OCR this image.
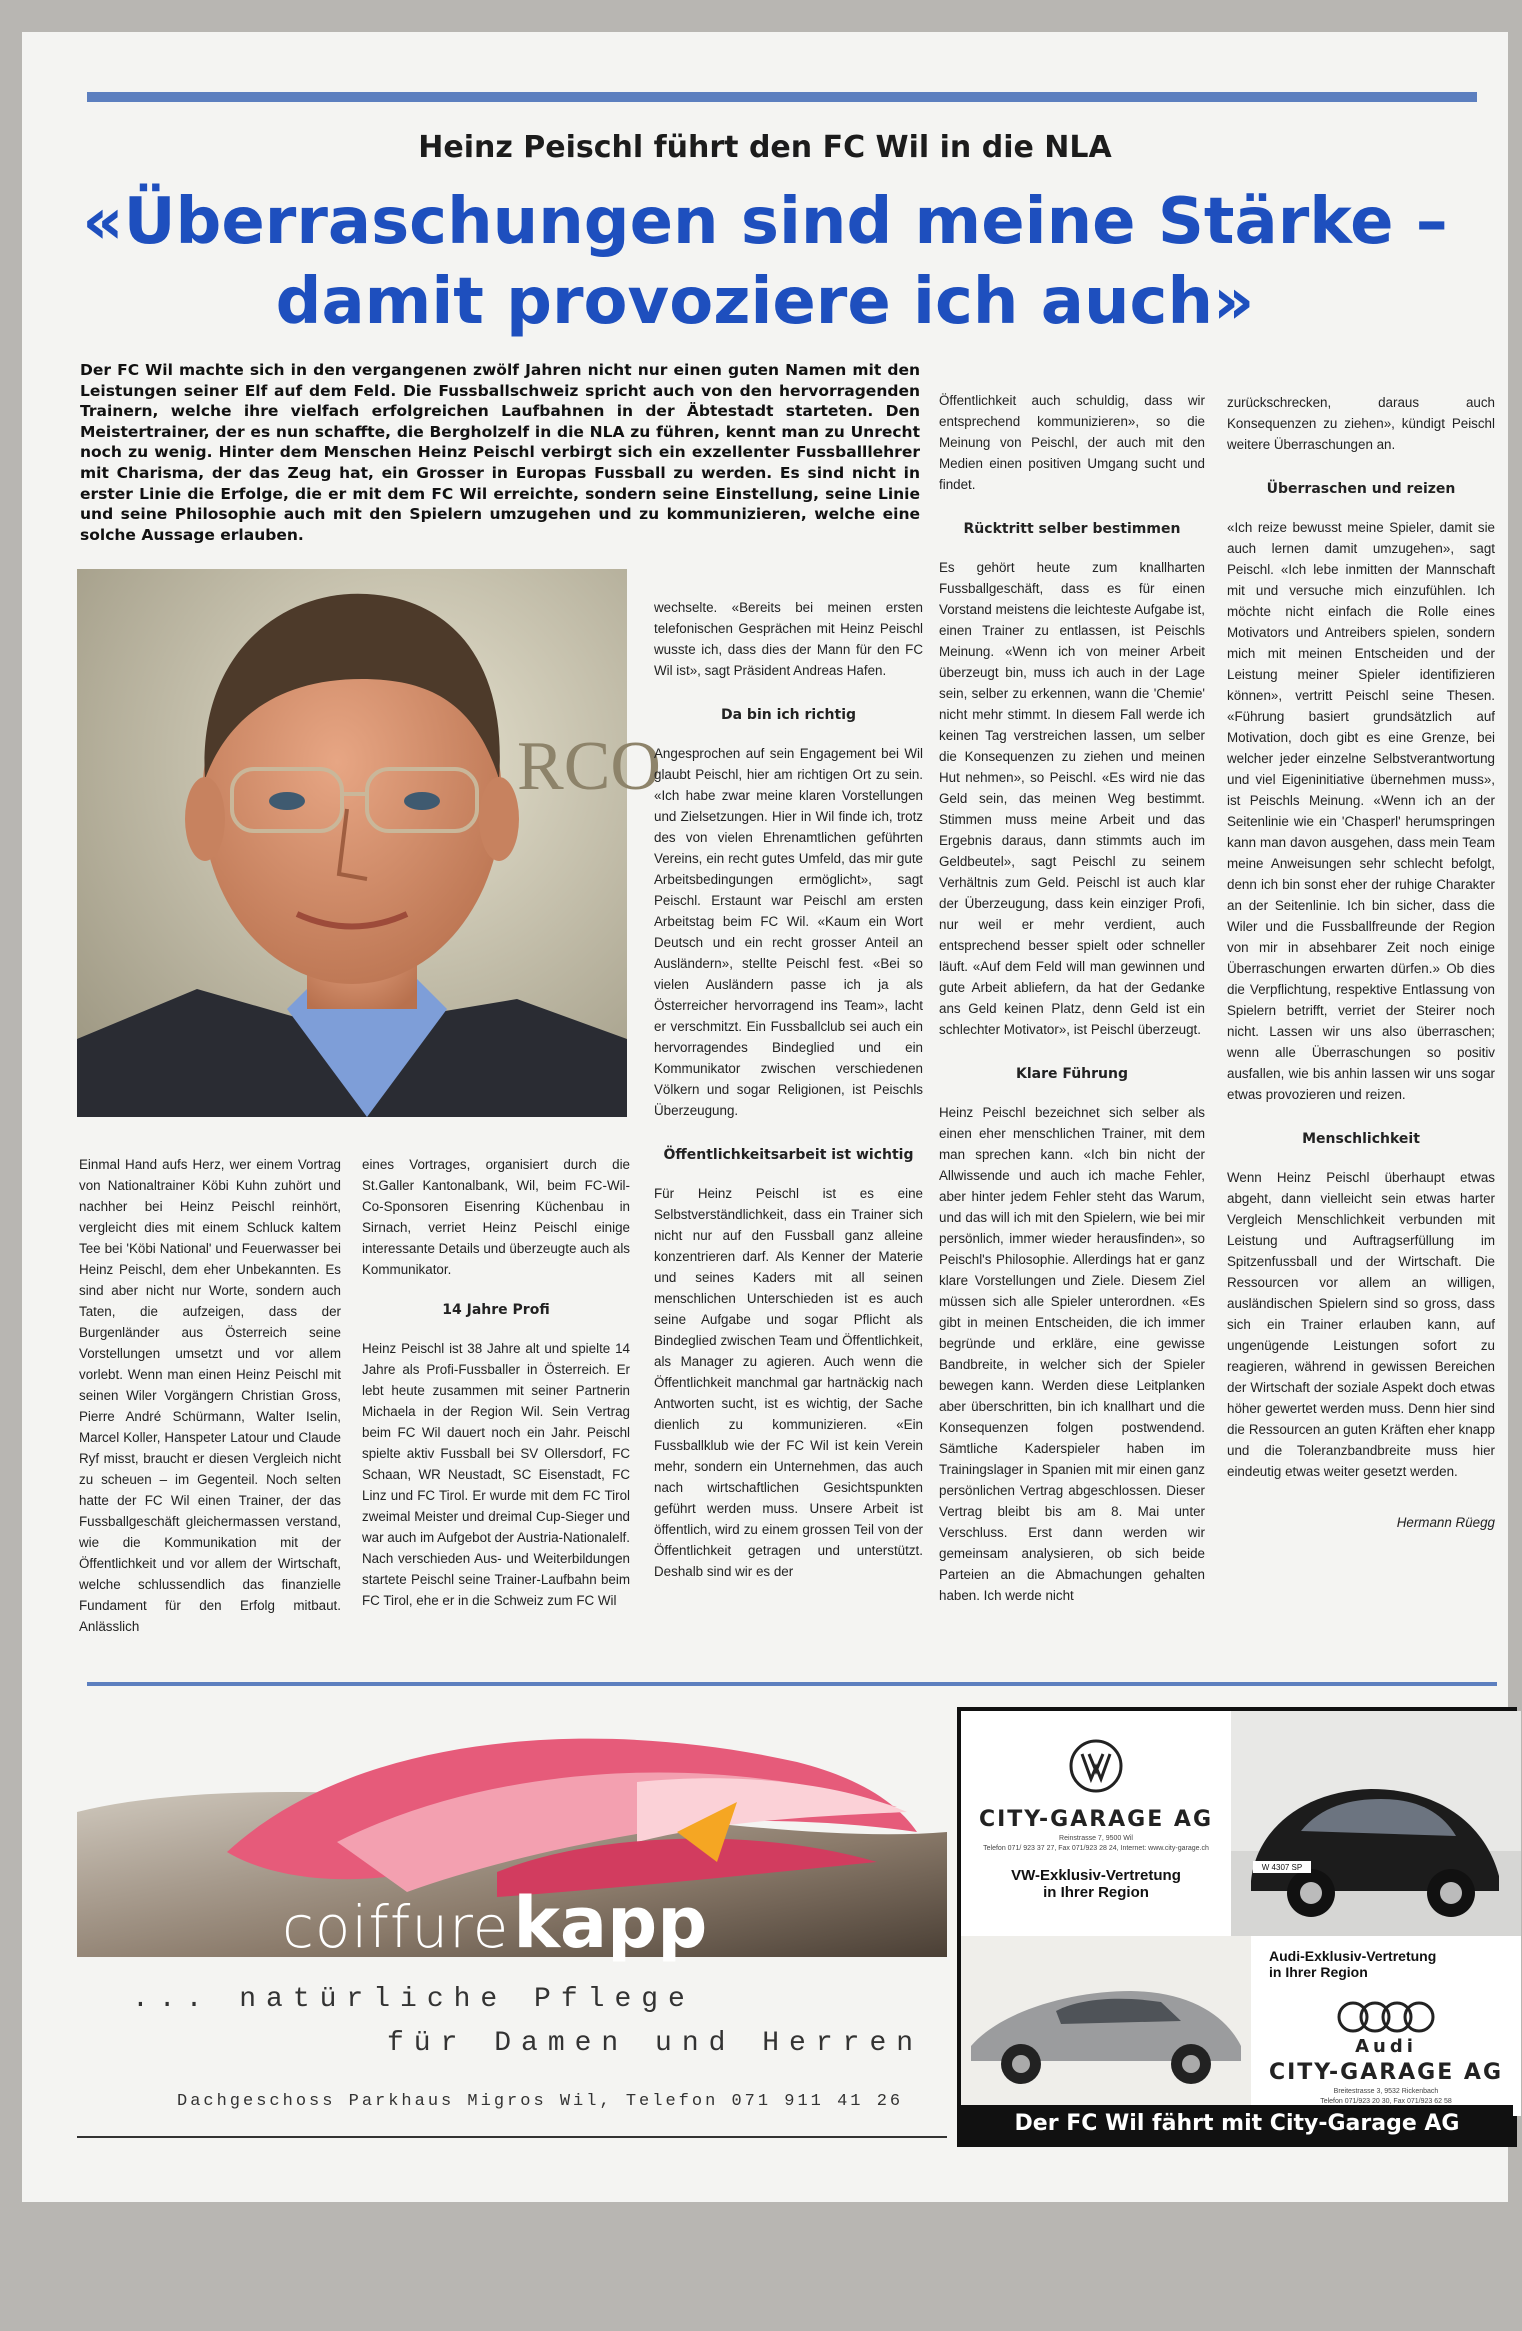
Heinz Peischl führt den FC Wil in die NLA
«Überraschungen sind meine Stärke –
damit provoziere ich auch»
Der FC Wil machte sich in den vergangenen zwölf Jahren nicht nur einen guten Namen mit den Leistungen seiner Elf auf dem Feld. Die Fussballschweiz spricht auch von den hervorragenden Trainern, welche ihre vielfach erfolgreichen Laufbahnen in der Äbtestadt starteten. Den Meistertrainer, der es nun schaffte, die Bergholzelf in die NLA zu führen, kennt man zu Unrecht noch zu wenig. Hinter dem Menschen Heinz Peischl verbirgt sich ein exzellenter Fussballlehrer mit Charisma, der das Zeug hat, ein Grosser in Europas Fussball zu werden. Es sind nicht in erster Linie die Erfolge, die er mit dem FC Wil erreichte, sondern seine Einstellung, seine Linie und seine Philosophie auch mit den Spielern umzugehen und zu kommunizieren, welche eine solche Aussage erlauben.
RCO

Einmal Hand aufs Herz, wer einem Vortrag von Nationaltrainer Köbi Kuhn zuhört und nachher bei Heinz Peischl reinhört, vergleicht dies mit einem Schluck kaltem Tee bei 'Köbi National' und Feuerwasser bei Heinz Peischl, dem eher Unbekannten. Es sind aber nicht nur Worte, sondern auch Taten, die aufzeigen, dass der Burgenländer aus Österreich seine Vorstellungen umsetzt und vor allem vorlebt. Wenn man einen Heinz Peischl mit seinen Wiler Vorgängern Christian Gross, Pierre André Schürmann, Walter Iselin, Marcel Koller, Hanspeter Latour und Claude Ryf misst, braucht er diesen Vergleich nicht zu scheuen – im Gegenteil. Noch selten hatte der FC Wil einen Trainer, der das Fussballgeschäft gleichermassen verstand, wie die Kommunikation mit der Öffentlichkeit und vor allem der Wirtschaft, welche schlussendlich das finanzielle Fundament für den Erfolg mitbaut. Anlässlich

eines Vortrages, organisiert durch die St.Galler Kantonalbank, Wil, beim FC-Wil-Co-Sponsoren Eisenring Küchenbau in Sirnach, verriet Heinz Peischl einige interessante Details und überzeugte auch als Kommunikator.

14 Jahre Profi

Heinz Peischl ist 38 Jahre alt und spielte 14 Jahre als Profi-Fussballer in Österreich. Er lebt heute zusammen mit seiner Partnerin Michaela in der Region Wil. Sein Vertrag beim FC Wil dauert noch ein Jahr. Peischl spielte aktiv Fussball bei SV Ollersdorf, FC Schaan, WR Neustadt, SC Eisenstadt, FC Linz und FC Tirol. Er wurde mit dem FC Tirol zweimal Meister und dreimal Cup-Sieger und war auch im Aufgebot der Austria-Nationalelf. Nach verschieden Aus- und Weiterbildungen startete Peischl seine Trainer-Laufbahn beim FC Tirol, ehe er in die Schweiz zum FC Wil

wechselte. «Bereits bei meinen ersten telefonischen Gesprächen mit Heinz Peischl wusste ich, dass dies der Mann für den FC Wil ist», sagt Präsident Andreas Hafen.

Da bin ich richtig

Angesprochen auf sein Engagement bei Wil glaubt Peischl, hier am richtigen Ort zu sein. «Ich habe zwar meine klaren Vorstellungen und Zielsetzungen. Hier in Wil finde ich, trotz des von vielen Ehrenamtlichen geführten Vereins, ein recht gutes Umfeld, das mir gute Arbeitsbedingungen ermöglicht», sagt Peischl. Erstaunt war Peischl am ersten Arbeitstag beim FC Wil. «Kaum ein Wort Deutsch und ein recht grosser Anteil an Ausländern», stellte Peischl fest. «Bei so vielen Ausländern passe ich ja als Österreicher hervorragend ins Team», lacht er verschmitzt. Ein Fussballclub sei auch ein hervorragendes Bindeglied und ein Kommunikator zwischen verschiedenen Völkern und sogar Religionen, ist Peischls Überzeugung.

Öffentlichkeitsarbeit ist wichtig

Für Heinz Peischl ist es eine Selbstverständlichkeit, dass ein Trainer sich nicht nur auf den Fussball ganz alleine konzentrieren darf. Als Kenner der Materie und seines Kaders mit all seinen menschlichen Unterschieden ist es auch seine Aufgabe und sogar Pflicht als Bindeglied zwischen Team und Öffentlichkeit, als Manager zu agieren. Auch wenn die Öffentlichkeit manchmal gar hartnäckig nach Antworten sucht, ist es wichtig, der Sache dienlich zu kommunizieren. «Ein Fussballklub wie der FC Wil ist kein Verein mehr, sondern ein Unternehmen, das auch nach wirtschaftlichen Gesichtspunkten geführt werden muss. Unsere Arbeit ist öffentlich, wird zu einem grossen Teil von der Öffentlichkeit getragen und unterstützt. Deshalb sind wir es der

Öffentlichkeit auch schuldig, dass wir entsprechend kommunizieren», so die Meinung von Peischl, der auch mit den Medien einen positiven Umgang sucht und findet.

Rücktritt selber bestimmen

Es gehört heute zum knallharten Fussballgeschäft, dass es für einen Vorstand meistens die leichteste Aufgabe ist, einen Trainer zu entlassen, ist Peischls Meinung. «Wenn ich von meiner Arbeit überzeugt bin, muss ich auch in der Lage sein, selber zu erkennen, wann die 'Chemie' nicht mehr stimmt. In diesem Fall werde ich keinen Tag verstreichen lassen, um selber die Konsequenzen zu ziehen und meinen Hut nehmen», so Peischl. «Es wird nie das Geld sein, das meinen Weg bestimmt. Stimmen muss meine Arbeit und das Ergebnis daraus, dann stimmts auch im Geldbeutel», sagt Peischl zu seinem Verhältnis zum Geld. Peischl ist auch klar der Überzeugung, dass kein einziger Profi, nur weil er mehr verdient, auch entsprechend besser spielt oder schneller läuft. «Auf dem Feld will man gewinnen und gute Arbeit abliefern, da hat der Gedanke ans Geld keinen Platz, denn Geld ist ein schlechter Motivator», ist Peischl überzeugt.

Klare Führung

Heinz Peischl bezeichnet sich selber als einen eher menschlichen Trainer, mit dem man sprechen kann. «Ich bin nicht der Allwissende und auch ich mache Fehler, aber hinter jedem Fehler steht das Warum, und das will ich mit den Spielern, wie bei mir persönlich, immer wieder herausfinden», so Peischl's Philosophie. Allerdings hat er ganz klare Vorstellungen und Ziele. Diesem Ziel müssen sich alle Spieler unterordnen. «Es gibt in meinen Entscheiden, die ich immer begründe und erkläre, eine gewisse Bandbreite, in welcher sich der Spieler bewegen kann. Werden diese Leitplanken aber überschritten, bin ich knallhart und die Konsequenzen folgen postwendend. Sämtliche Kaderspieler haben im Trainingslager in Spanien mit mir einen ganz persönlichen Vertrag abgeschlossen. Dieser Vertrag bleibt bis am 8. Mai unter Verschluss. Erst dann werden wir gemeinsam analysieren, ob sich beide Parteien an die Abmachungen gehalten haben. Ich werde nicht

zurückschrecken, daraus auch Konsequenzen zu ziehen», kündigt Peischl weitere Überraschungen an.

Überraschen und reizen

«Ich reize bewusst meine Spieler, damit sie auch lernen damit umzugehen», sagt Peischl. «Ich lebe inmitten der Mannschaft mit und versuche mich einzufühlen. Ich möchte nicht einfach die Rolle eines Motivators und Antreibers spielen, sondern mich mit meinen Entscheiden und der Leistung meiner Spieler identifizieren können», vertritt Peischl seine Thesen. «Führung basiert grundsätzlich auf Motivation, doch gibt es eine Grenze, bei welcher jeder einzelne Selbstverantwortung und viel Eigeninitiative übernehmen muss», ist Peischls Meinung. «Wenn ich an der Seitenlinie wie ein 'Chasperl' herumspringen kann man davon ausgehen, dass mein Team meine Anweisungen sehr schlecht befolgt, denn ich bin sonst eher der ruhige Charakter an der Seitenlinie. Ich bin sicher, dass die Wiler und die Fussballfreunde der Region von mir in absehbarer Zeit noch einige Überraschungen erwarten dürfen.» Ob dies die Verpflichtung, respektive Entlassung von Spielern betrifft, verriet der Steirer noch nicht. Lassen wir uns also überraschen; wenn alle Überraschungen so positiv ausfallen, wie bis anhin lassen wir uns sogar etwas provozieren und reizen.

Menschlichkeit

Wenn Heinz Peischl überhaupt etwas abgeht, dann vielleicht sein etwas harter Vergleich Menschlichkeit verbunden mit Leistung und Auftragserfüllung im Spitzenfussball und der Wirtschaft. Die Ressourcen vor allem an willigen, ausländischen Spielern sind so gross, dass sich ein Trainer erlauben kann, auf ungenügende Leistungen sofort zu reagieren, während in gewissen Bereichen der Wirtschaft der soziale Aspekt doch etwas höher gewertet werden muss. Denn hier sind die Ressourcen an guten Kräften eher knapp und die Toleranzbandbreite muss hier eindeutig etwas weiter gesetzt werden.

Hermann Rüegg

coiffurekapp
... natürliche Pflege
für Damen und Herren
Dachgeschoss Parkhaus Migros Wil, Telefon 071 911 41 26
CITY-GARAGE AG
Reinstrasse 7, 9500 Wil
Telefon 071/ 923 37 27, Fax 071/923 28 24, Internet: www.city-garage.ch
VW-Exklusiv-Vertretung
in Ihrer Region
W 4307 SP
Audi-Exklusiv-Vertretung
in Ihrer Region
Audi
CITY-GARAGE AG
Breitestrasse 3, 9532 Rickenbach
Telefon 071/923 20 30, Fax 071/923 62 58
Der FC Wil fährt mit City-Garage AG
